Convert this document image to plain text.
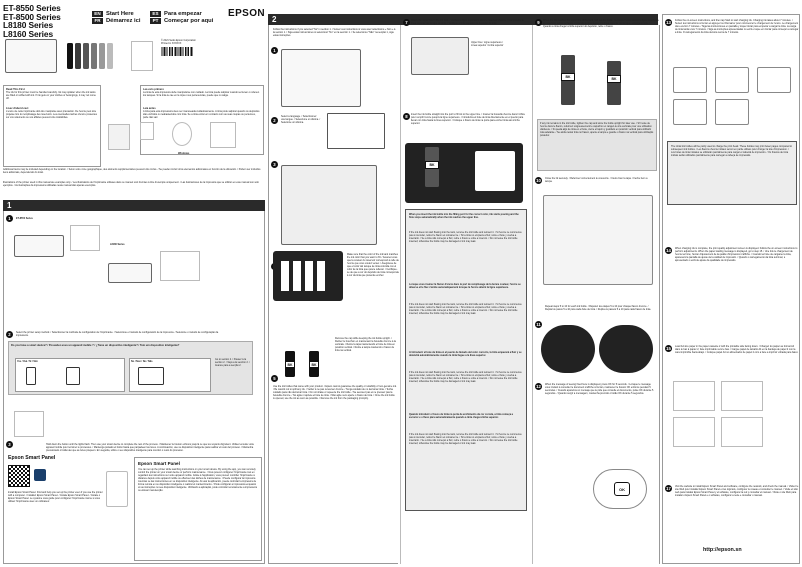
ET-8550 Series
ET-8500 Series
L8180 Series
L8160 Series
EN Start Here
FR Démarrez ici
ES Para empezar
PT Começar por aqui
EPSON
© 2021 Seiko Epson Corporation
Printed in XXXXXX
Read This First
The ink for this printer must be handled carefully. Ink may splatter when the ink tanks are filled or refilled with ink. If ink gets on your clothes or belongings, it may not come off.
Lisez d'abord ceci
L'encre de cette imprimante doit être manipulée avec précaution. De l'encre peut être projetée lors du remplissage des réservoirs. Les éventuelles taches d'encre présentes sur vos vêtements ou vos affaires peuvent être indélébiles.
Lea esto primero
La tinta de esta impresora debe manipularse con cuidado. La tinta puede salpicar cuando se llenen o rellenen los tanques. Si la tinta le cae en la ropa o sus pertenencias, puede que no salga.
Leia antes
A tinta para esta impressora deve ser manuseada cuidadosamente. A tinta pode salpicar quando os depósitos são enchidos ou reabastecidos com tinta. Se a tinta entrar em contacto com as suas roupas ou pertences, pode não sair.
Windows
Additional items may be included depending on the location. / Selon votre zone géographique, des éléments supplémentaires peuvent être inclus. / Se pueden incluir otros elementos adicionales en función de la ubicación. / Podem ser incluídos itens adicionais, dependendo do local.
Illustrations of the printer used in this manual are examples only. / Les illustrations de l'imprimante utilisées dans ce manuel sont fournies à titre d'exemple uniquement. / Las ilustraciones de la impresora que se utilizan en este manual son solo ejemplos. / As ilustrações da impressora utilizadas neste manual são apenas exemplos.
1
1	ET-8550 Series
L8180 Series
2	Select the printer setup method. / Sélectionnez la méthode de configuration de l'imprimante. / Seleccione el método de configuración de la impresora. / Selecione o método de configuração da impressora.
Do you have a smart device? / Possédez-vous un appareil mobile ? / ¿Tiene un dispositivo inteligente? / Tem um dispositivo inteligente?
Yes / Oui / Sí / Sim	No / Non / No / Não
Go to section 2. / Passez à la section 2. / Vaya a la sección 2. / Avance para a secção 2.
3	Hold down the button until the lights flash. Then use your smart device to complete the rest of the process. / Maintenez le bouton enfoncé jusqu'à ce que les voyants clignotent. Utilisez ensuite votre appareil mobile pour terminer le processus. / Mantenga pulsado el botón hasta que parpadeen las luces. A continuación, use su dispositivo inteligente para realizar el resto del proceso. / Mantenha pressionado o botão até que as luzes pisquem. Em seguida, utilize o seu dispositivo inteligente para concluir o resto do processo.
Epson Smart Panel
Install Epson Smart Panel. Find and help you set up the printer even if you use the printer with a computer. / Installez Epson Smart Panel. / Instale Epson Smart Panel. / Instale o Epson Smart Panel. Le système vous guide pour configurer l'imprimante même si vous utilisez l'imprimante avec un ordinateur.
Epson Smart Panel
You can set up the printer while watching instructions on your smart device. By using the app, you can remotely control the printer on your smart device or perform maintenance. / Vous pouvez configurer l'imprimante tout en regardant les instructions sur votre appareil mobile. Grâce à l'application, vous pouvez contrôler l'imprimante à distance depuis votre appareil mobile ou effectuer des tâches de maintenance. / Puede configurar la impresora mientras ve las instrucciones en su dispositivo inteligente. Al usar la aplicación, puede controlar la impresora de forma remota en su dispositivo inteligente o realizar el mantenimiento. / Pode configurar a impressora enquanto vê as instruções no seu dispositivo inteligente. Utilizando a aplicação, pode controlar remotamente a impressora ou efetuar manutenção.
2
Follow the instructions if you selected "No" in section 1. / Suivez ces instructions si vous avez sélectionné « Non » à la section 1. / Siga estas instrucciones si seleccionó "No" en la sección 1. / Se selecionou "Não" na secção 1, siga estas instruções.
1
2
Select a language. / Sélectionnez une langue. / Seleccione un idioma. / Selecione um idioma.
3
Make sure that the color of the ink tank matches the ink color that you want to fill. / Assurez-vous que la couleur du réservoir correspond à celle de l'encre que vous voulez verser. / Asegúrese de que el color del tanque de tinta coincida con el color de la tinta que quiere rellenar. / Certifique-se de que a cor do depósito de tinta corresponde à cor da tinta que pretende encher.
5
BK	BK
Remove the cap while keeping the ink bottle upright. / Retirez le bouchon en maintenant la bouteille d'encre à la verticale. / Retire la tapa manteniendo el bote de tinta en posición vertical. / Retire a tampa mantendo o frasco de tinta na vertical.
Use the ink bottles that came with your product. / Epson cannot guarantee the quality or reliability of non-genuine ink. / Be careful not to spill any ink. / Veillez à ne pas renverser d'encre. / Tenga cuidado de no derramar tinta. / Tenha cuidado para não derramar tinta. / Do not shake or squeeze the ink bottle. / Ne secouez pas et ne pressez pas la bouteille d'encre. / No agite ni apriete el bote de tinta. / Não agite nem aperte o frasco de tinta. / Once the ink bottle is opened, use the ink as soon as possible. / Remove the ink from the packaging promptly.
7	Check the upper line in the ink tank. / Vérifiez la ligne supérieure dans le réservoir d'encre. / Compruebe la línea superior del tanque de tinta. / Verifique a linha superior no depósito de tinta.
Upper line / Ligne supérieure / Línea superior / Linha superior
8	Insert the ink bottle straight into the port to fill ink to the upper line. / Insérez la bouteille d'encre dans l'orifice pour remplir l'encre jusqu'à la ligne supérieure. / Introduzca el bote de tinta directamente en el puerto para llenar con tinta hasta la línea superior. / Coloque o frasco de tinta na porta para encher tinta até à linha superior.
BK
When you insert the ink bottle into the filling port for the correct color, ink starts pouring and the flow stops automatically when the ink reaches the upper line.
If the ink does not start flowing into the tank, remove the ink bottle and reinsert it. / Si l'encre ne commence pas à s'écouler, retirez le flacon et réinsérez-le. / Si la tinta no empieza a fluir, retire el bote y vuelva a insertarlo. / Se a tinta não começar a fluir, retire o frasco e volte a inseri-lo. / Do not leave the ink bottle inserted; otherwise the bottle may be damaged or ink may leak.
Lorsque vous insérez la flacon d'encre dans le port de remplissage de la bonne couleur, l'encre se déverse et le flux s'arrête automatiquement lorsque la l'encre atteint la ligne supérieure.
If the ink does not start flowing into the tank, remove the ink bottle and reinsert it. / Si l'encre ne commence pas à s'écouler, retirez le flacon et réinsérez-le. / Si la tinta no empieza a fluir, retire el bote y vuelva a insertarlo. / Se a tinta não começar a fluir, retire o frasco e volte a inseri-lo. / Do not leave the ink bottle inserted; otherwise the bottle may be damaged or ink may leak.
Al introducir el bote de tinta en el puerto de llenado del color correcto, la tinta empezará a fluir y se detendrá automáticamente cuando la tinta llegue a la línea superior.
If the ink does not start flowing into the tank, remove the ink bottle and reinsert it. / Si l'encre ne commence pas à s'écouler, retirez le flacon et réinsérez-le. / Si la tinta no empieza a fluir, retire el bote y vuelva a insertarlo. / Se a tinta não começar a fluir, retire o frasco e volte a inseri-lo. / Do not leave the ink bottle inserted; otherwise the bottle may be damaged or ink may leak.
Quando introduzir o frasco de tinta na porta de enchimento da cor correta, a tinta começa a escorrer e o fluxo pára automaticamente quando a tinta chega à linha superior.
If the ink does not start flowing into the tank, remove the ink bottle and reinsert it. / Si l'encre ne commence pas à s'écouler, retirez le flacon et réinsérez-le. / Si la tinta no empieza a fluir, retire el bote y vuelva a insertarlo. / Se a tinta não começar a fluir, retire o frasco e volte a inseri-lo. / Do not leave the ink bottle inserted; otherwise the bottle may be damaged or ink may leak.
9	When the ink reaches the upper line of the tank, pull out the bottle. / Lorsque l'encre atteint la ligne supérieure du réservoir, retirez le flacon. / Cuando la tinta llegue a la línea superior del tanque, extraiga el bote. / Quando a tinta chegar à linha superior do depósito, retire o frasco.
BK	BK
If any ink remains in the ink bottle, tighten the cap and store the bottle upright for later use. / S'il reste de l'encre dans le flacon, refermez soigneusement le capuchon et rangez-le à la verticale pour une utilisation ultérieure. / Si queda algo de tinta en el bote, cierre el tapón y guárdelo en posición vertical para utilizarlo más adelante. / Se ainda restar tinta no frasco, aperte a tampa e guarde o frasco na vertical para utilização posterior.
10	Close the lid securely. / Refermez correctement le couvercle. / Cierre bien la tapa. / Feche bem a tampa.
11
Repeat steps 5 to 10 for each ink bottle. / Répétez les étapes 5 à 10 pour chaque flacon d'encre. / Repita los pasos 5 a 10 para cada bote de tinta. / Repita os passos 5 a 10 para cada frasco de tinta.
12	When the message of seeing fixed here is displayed, press OK for 5 seconds. / Lorsque le message vous invitant à consulter le document s'affiche à l'écran, maintenez le bouton OK enfoncé pendant 5 secondes. / Cuando aparezca un mensaje que le pide que consulte el documento, pulse OK durante 5 segundos. / Quando surgir a mensagem, mantenha premido o botão OK durante 5 segundos.
OK
13	Follow the on-screen instructions, and then tap Start to start charging ink. Charging ink takes about 7 minutes. / Suivez les instructions à l'écran et appuyez sur Démarrer pour commencer le chargement de l'encre. Le chargement dure environ 7 minutes. / Siga las instrucciones en pantalla y toque Iniciar para empezar a cargar la tinta. La carga de tinta tarda unos 7 minutos. / Siga as instruções apresentadas no ecrã e toque em Iniciar para começar a carregar a tinta. O carregamento da tinta demora cerca de 7 minutos.
The initial ink bottles will be partly used to charge the print head. These bottles may print fewer pages compared to subsequent ink bottles. / Les flacons d'encre initiaux seront en partie utilisés pour charger la tête d'impression. / Los botes de tinta iniciales se utilizarán parcialmente para cargar el cabezal de impresión. / Os frascos de tinta iniciais serão utilizados parcialmente para carregar a cabeça de impressão.
14	When charging ink is complete, the print quality adjustment screen is displayed. Follow the on-screen instructions to perform adjustments. When the paper loading message is displayed, go to step 15. / Une fois le chargement de l'encre terminé, l'écran d'ajustement de la qualité d'impression s'affiche. / Cuando termine de cargarse la tinta, aparecerá la pantalla de ajuste de la calidad de impresión. / Quando o carregamento da tinta terminar, é apresentado o ecrã de ajuste da qualidade de impressão.
15	Load A4 size paper in the paper cassette 2 with the printable side facing down. / Chargez du papier au format A4 dans le bac à papier 2, face imprimable vers le bas. / Cargue papel de tamaño A4 en la bandeja de papel 2 con la cara imprimible hacia abajo. / Coloque papel A4 no alimentador de papel 2 com a face a imprimir voltada para baixo.
17	Visit the website to install Epson Smart Panel and software, configure the network, and check the manual. / Visitez le site Web pour installer Epson Smart Panel et les logiciels, configurer le réseau et consulter le manuel. / Visite el sitio web para instalar Epson Smart Panel y el software, configurar la red y consultar el manual. / Visite o site Web para instalar o Epson Smart Panel e o software, configurar a rede e consultar o manual.
http://epson.sn
